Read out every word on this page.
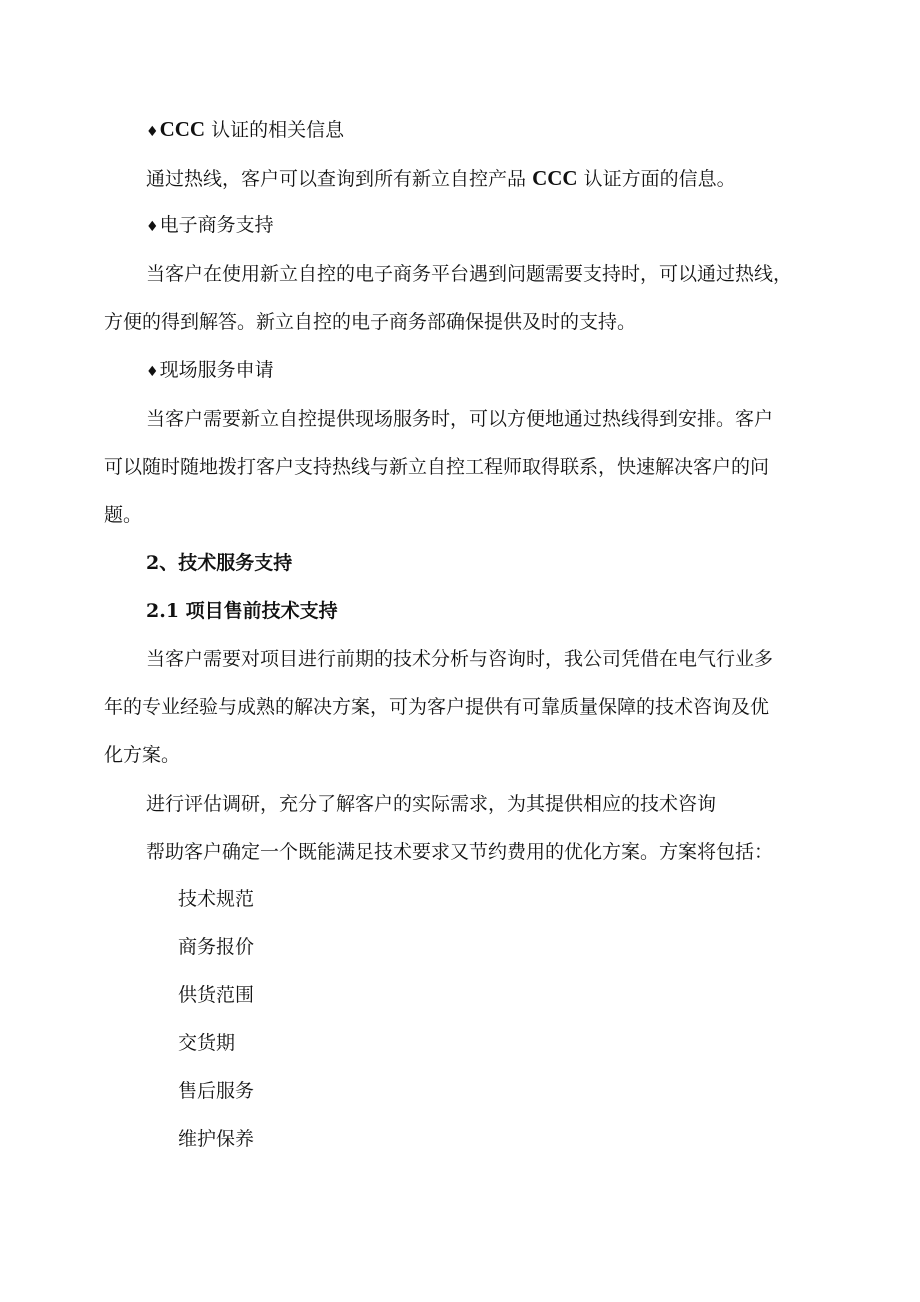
♦CCC 认证的相关信息
通过热线，客户可以查询到所有新立自控产品 CCC 认证方面的信息。
♦电子商务支持
当客户在使用新立自控的电子商务平台遇到问题需要支持时，可以通过热线，
方便的得到解答。新立自控的电子商务部确保提供及时的支持。
♦现场服务申请
当客户需要新立自控提供现场服务时，可以方便地通过热线得到安排。客户
可以随时随地拨打客户支持热线与新立自控工程师取得联系，快速解决客户的问
题。
2、技术服务支持
2.1 项目售前技术支持
当客户需要对项目进行前期的技术分析与咨询时，我公司凭借在电气行业多
年的专业经验与成熟的解决方案，可为客户提供有可靠质量保障的技术咨询及优
化方案。
进行评估调研，充分了解客户的实际需求，为其提供相应的技术咨询
帮助客户确定一个既能满足技术要求又节约费用的优化方案。方案将包括：
技术规范
商务报价
供货范围
交货期
售后服务
维护保养
